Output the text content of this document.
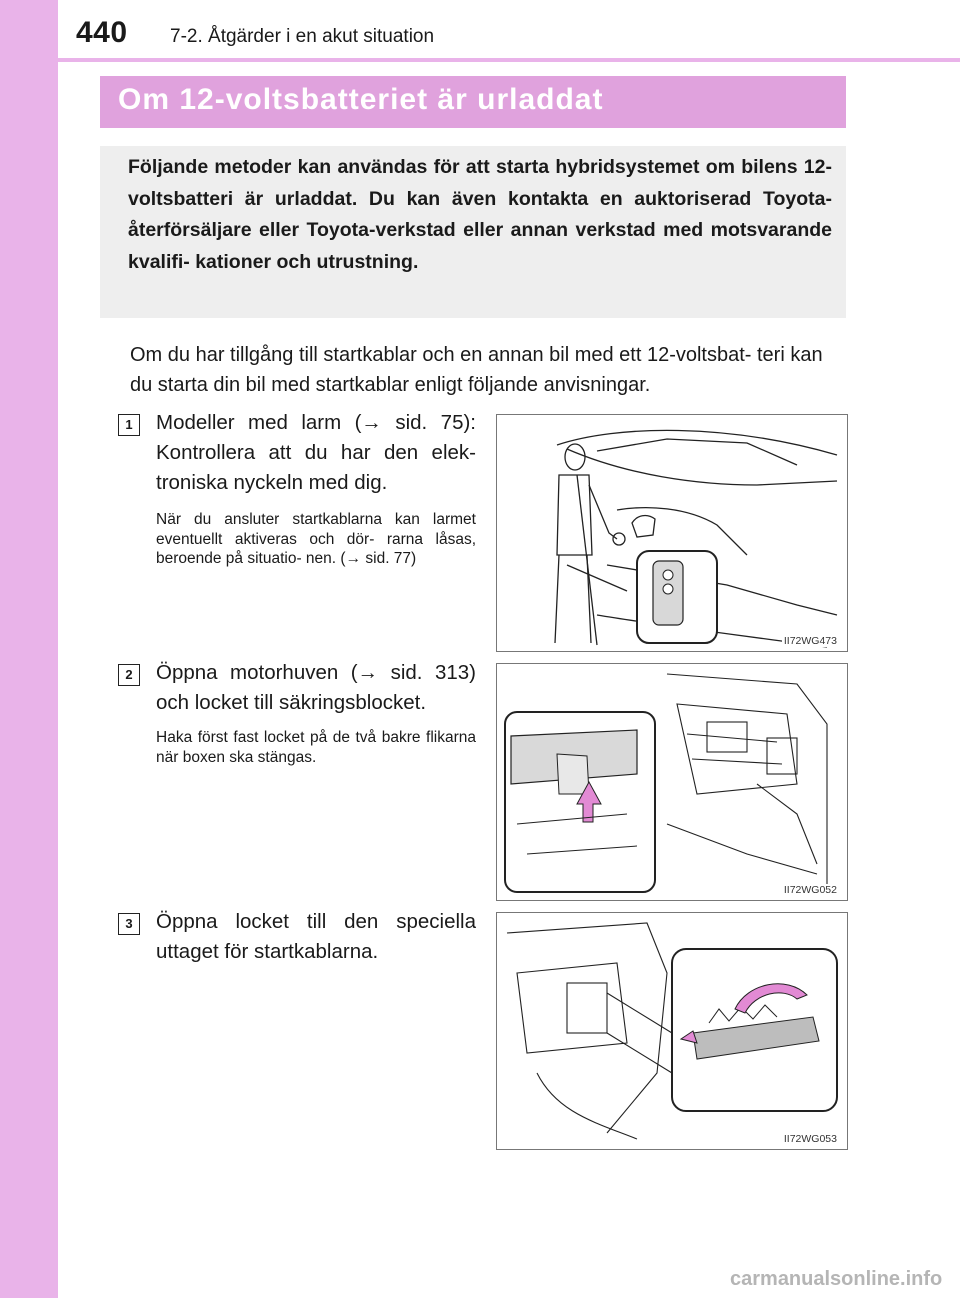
440 7-2. Åtgärder i en akut situation
Om 12-voltsbatteriet är urladdat

Följande metoder kan användas för att starta hybridsystemet om bilens 12-voltsbatteri är urladdat. Du kan även kontakta en auktoriserad Toyota-återförsäljare eller Toyota-verkstad eller annan verkstad med motsvarande kvalifi- kationer och utrustning.

Om du har tillgång till startkablar och en annan bil med ett 12-voltsbat- teri kan du starta din bil med startkablar enligt följande anvisningar.

1	Modeller med larm (→ sid. 75): Kontrollera att du har den elek- troniska nyckeln med dig.

När du ansluter startkablarna kan larmet eventuellt aktiveras och dör- rarna låsas, beroende på situatio- nen. (→ sid. 77)

II72WG473
2	Öppna motorhuven (→ sid. 313) och locket till säkringsblocket.

Haka först fast locket på de två bakre flikarna när boxen ska stängas.

II72WG052
3	Öppna locket till den speciella uttaget för startkablarna.

II72WG053
carmanualsonline.info
